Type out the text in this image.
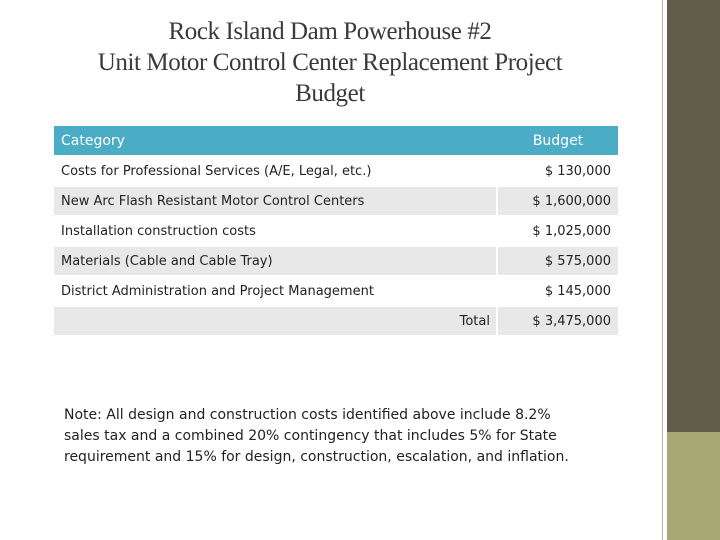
Rock Island Dam Powerhouse #2
Unit Motor Control Center Replacement Project
Budget
Category		Budget
Costs for Professional Services (A/E, Legal, etc.)		$ 130,000
New Arc Flash Resistant Motor Control Centers		$ 1,600,000
Installation construction costs		$ 1,025,000
Materials (Cable and Cable Tray)		$ 575,000
District Administration and Project Management		$ 145,000
	Total	$ 3,475,000
Note: All design and construction costs identified above include 8.2%
sales tax and a combined 20% contingency that includes 5% for State
requirement and 15% for design, construction, escalation, and inflation.
